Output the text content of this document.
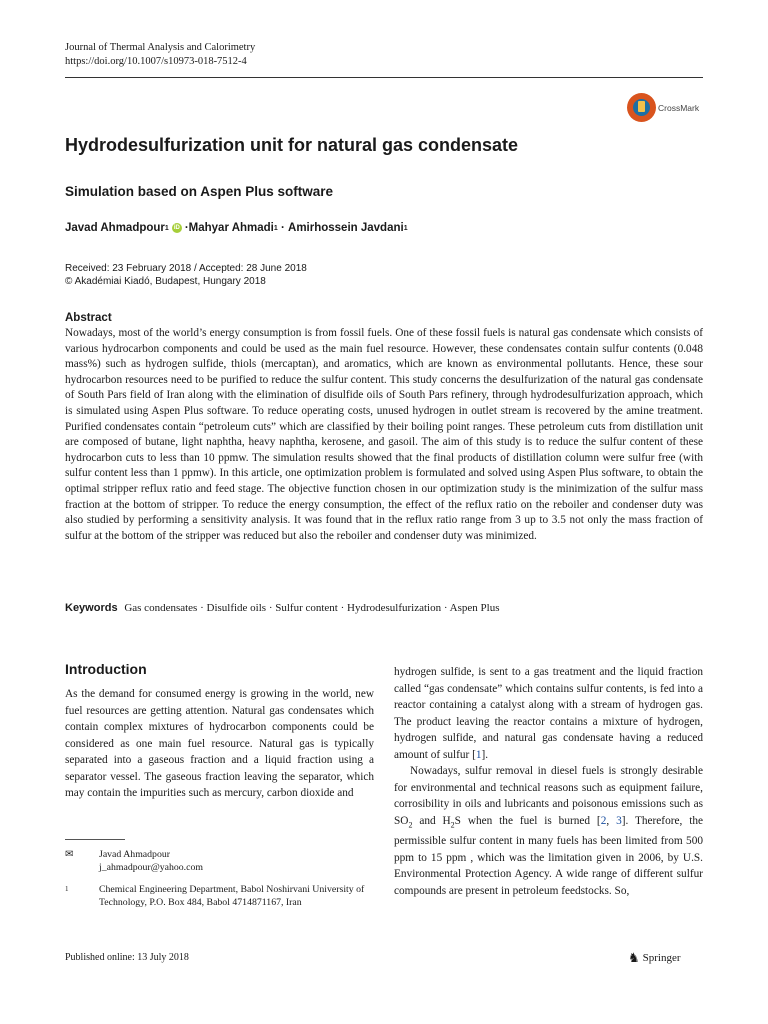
Journal of Thermal Analysis and Calorimetry
https://doi.org/10.1007/s10973-018-7512-4
CrossMark
Hydrodesulfurization unit for natural gas condensate
Simulation based on Aspen Plus software
Javad Ahmadpour 1 iD · Mahyar Ahmadi 1 · Amirhossein Javdani 1
Received: 23 February 2018 / Accepted: 28 June 2018
© Akadémiai Kiadó, Budapest, Hungary 2018
Abstract
Nowadays, most of the world’s energy consumption is from fossil fuels. One of these fossil fuels is natural gas condensate which consists of various hydrocarbon components and could be used as the main fuel resource. However, these condensates contain sulfur contents (0.048 mass%) such as hydrogen sulfide, thiols (mercaptan), and aromatics, which are known as environmental pollutants. Hence, these sour hydrocarbon resources need to be purified to reduce the sulfur content. This study concerns the desulfurization of the natural gas condensate of South Pars field of Iran along with the elimination of disulfide oils of South Pars refinery, through hydrodesulfurization approach, which is simulated using Aspen Plus software. To reduce operating costs, unused hydrogen in outlet stream is recovered by the amine treatment. Purified condensates contain “petroleum cuts” which are classified by their boiling point ranges. These petroleum cuts from distillation unit are composed of butane, light naphtha, heavy naphtha, kerosene, and gasoil. The aim of this study is to reduce the sulfur content of these hydrocarbon cuts to less than 10 ppmw. The simulation results showed that the final products of distillation column were sulfur free (with sulfur content less than 1 ppmw). In this article, one optimization problem is formulated and solved using Aspen Plus software, to obtain the optimal stripper reflux ratio and feed stage. The objective function chosen in our optimization study is the minimization of the sulfur mass fraction at the bottom of stripper. To reduce the energy consumption, the effect of the reflux ratio on the reboiler and condenser duty was also studied by performing a sensitivity analysis. It was found that in the reflux ratio range from 3 up to 3.5 not only the mass fraction of sulfur at the bottom of the stripper was reduced but also the reboiler and condenser duty was minimized.
Keywords Gas condensates · Disulfide oils · Sulfur content · Hydrodesulfurization · Aspen Plus
Introduction

As the demand for consumed energy is growing in the world, new fuel resources are getting attention. Natural gas condensates which contain complex mixtures of hydrocarbon components could be considered as one main fuel resource. Natural gas is typically separated into a gaseous fraction and a liquid fraction using a separator vessel. The gaseous fraction leaving the separator, which may contain the impurities such as mercury, carbon dioxide and

hydrogen sulfide, is sent to a gas treatment and the liquid fraction called “gas condensate” which contains sulfur contents, is fed into a reactor containing a catalyst along with a stream of hydrogen gas. The product leaving the reactor contains a mixture of hydrogen, hydrogen sulfide, and natural gas condensate having a reduced amount of sulfur [1].

Nowadays, sulfur removal in diesel fuels is strongly desirable for environmental and technical reasons such as equipment failure, corrosibility in oils and lubricants and poisonous emissions such as $SO_2$ and $H_2S$ when the fuel is burned [2, 3]. Therefore, the permissible sulfur content in many fuels has been limited from 500 ppm to 15 ppm , which was the limitation given in 2006, by U.S. Environmental Protection Agency. A wide range of different sulfur compounds are present in petroleum feedstocks. So,

✉	Javad Ahmadpour
j_ahmadpour@yahoo.com
1	Chemical Engineering Department, Babol Noshirvani University of Technology, P.O. Box 484, Babol 4714871167, Iran
Published online: 13 July 2018	♞ Springer
